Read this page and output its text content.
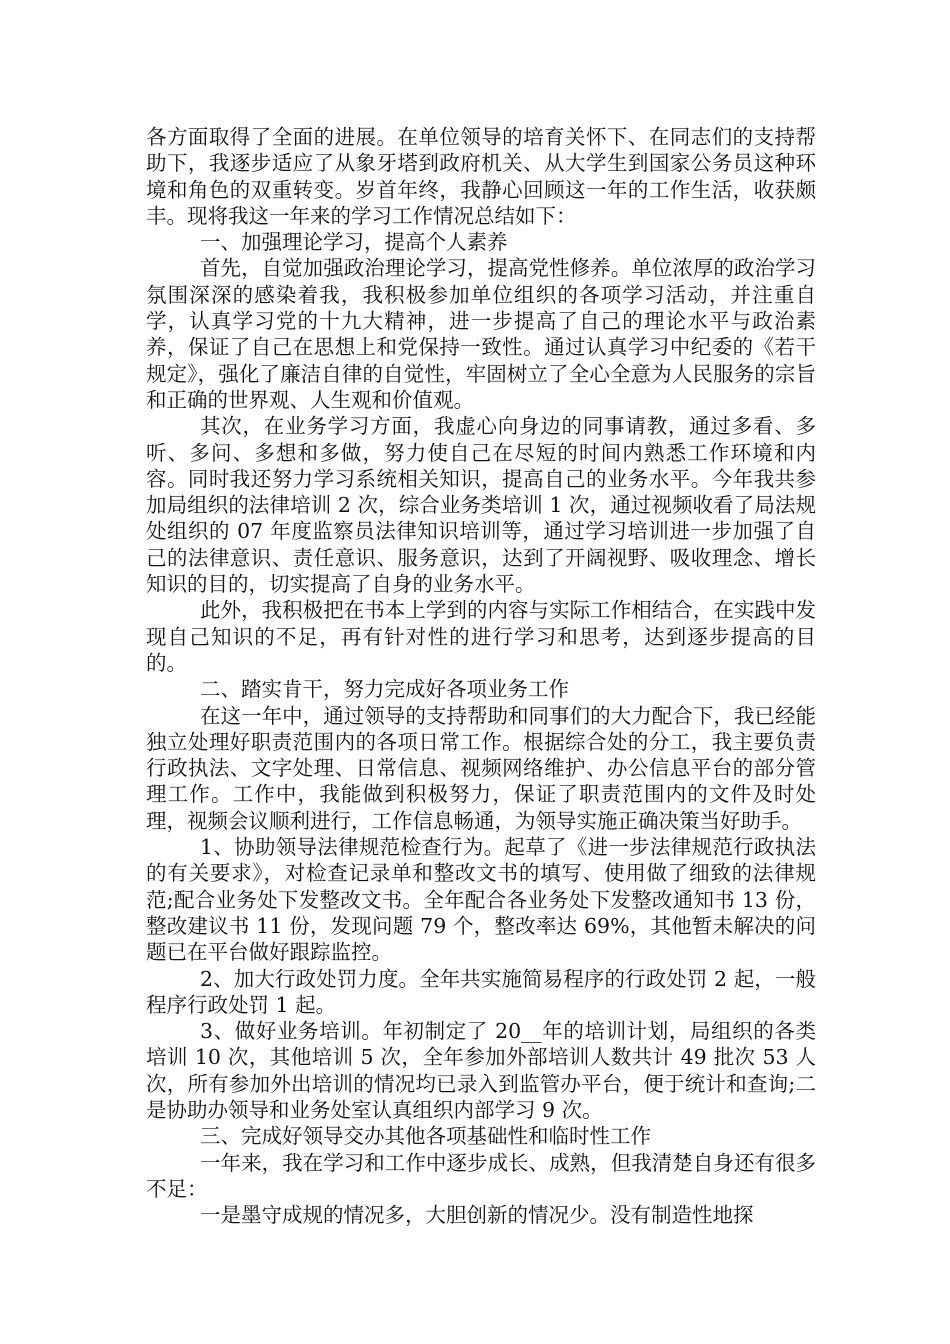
各方面取得了全面的进展。在单位领导的培育关怀下、在同志们的支持帮助下，我逐步适应了从象牙塔到政府机关、从大学生到国家公务员这种环境和角色的双重转变。岁首年终，我静心回顾这一年的工作生活，收获颇丰。现将我这一年来的学习工作情况总结如下：

一、加强理论学习，提高个人素养

首先，自觉加强政治理论学习，提高党性修养。单位浓厚的政治学习氛围深深的感染着我，我积极参加单位组织的各项学习活动，并注重自学，认真学习党的十九大精神，进一步提高了自己的理论水平与政治素养，保证了自己在思想上和党保持一致性。通过认真学习中纪委的《若干规定》，强化了廉洁自律的自觉性，牢固树立了全心全意为人民服务的宗旨和正确的世界观、人生观和价值观。

其次，在业务学习方面，我虚心向身边的同事请教，通过多看、多听、多问、多想和多做，努力使自己在尽短的时间内熟悉工作环境和内容。同时我还努力学习系统相关知识，提高自己的业务水平。今年我共参加局组织的法律培训 2 次，综合业务类培训 1 次，通过视频收看了局法规处组织的 07 年度监察员法律知识培训等，通过学习培训进一步加强了自己的法律意识、责任意识、服务意识，达到了开阔视野、吸收理念、增长知识的目的，切实提高了自身的业务水平。

此外，我积极把在书本上学到的内容与实际工作相结合，在实践中发现自己知识的不足，再有针对性的进行学习和思考，达到逐步提高的目的。

二、踏实肯干，努力完成好各项业务工作

在这一年中，通过领导的支持帮助和同事们的大力配合下，我已经能独立处理好职责范围内的各项日常工作。根据综合处的分工，我主要负责行政执法、文字处理、日常信息、视频网络维护、办公信息平台的部分管理工作。工作中，我能做到积极努力，保证了职责范围内的文件及时处理，视频会议顺利进行，工作信息畅通，为领导实施正确决策当好助手。

1、协助领导法律规范检查行为。起草了《进一步法律规范行政执法的有关要求》，对检查记录单和整改文书的填写、使用做了细致的法律规范;配合业务处下发整改文书。全年配合各业务处下发整改通知书 13 份，整改建议书 11 份，发现问题 79 个，整改率达 69%，其他暂未解决的问题已在平台做好跟踪监控。

2、加大行政处罚力度。全年共实施简易程序的行政处罚 2 起，一般程序行政处罚 1 起。

3、做好业务培训。年初制定了 20__年的培训计划，局组织的各类培训 10 次，其他培训 5 次，全年参加外部培训人数共计 49 批次 53 人次，所有参加外出培训的情况均已录入到监管办平台，便于统计和查询;二是协助办领导和业务处室认真组织内部学习 9 次。

三、完成好领导交办其他各项基础性和临时性工作

一年来，我在学习和工作中逐步成长、成熟，但我清楚自身还有很多不足：

一是墨守成规的情况多，大胆创新的情况少。没有制造性地探
